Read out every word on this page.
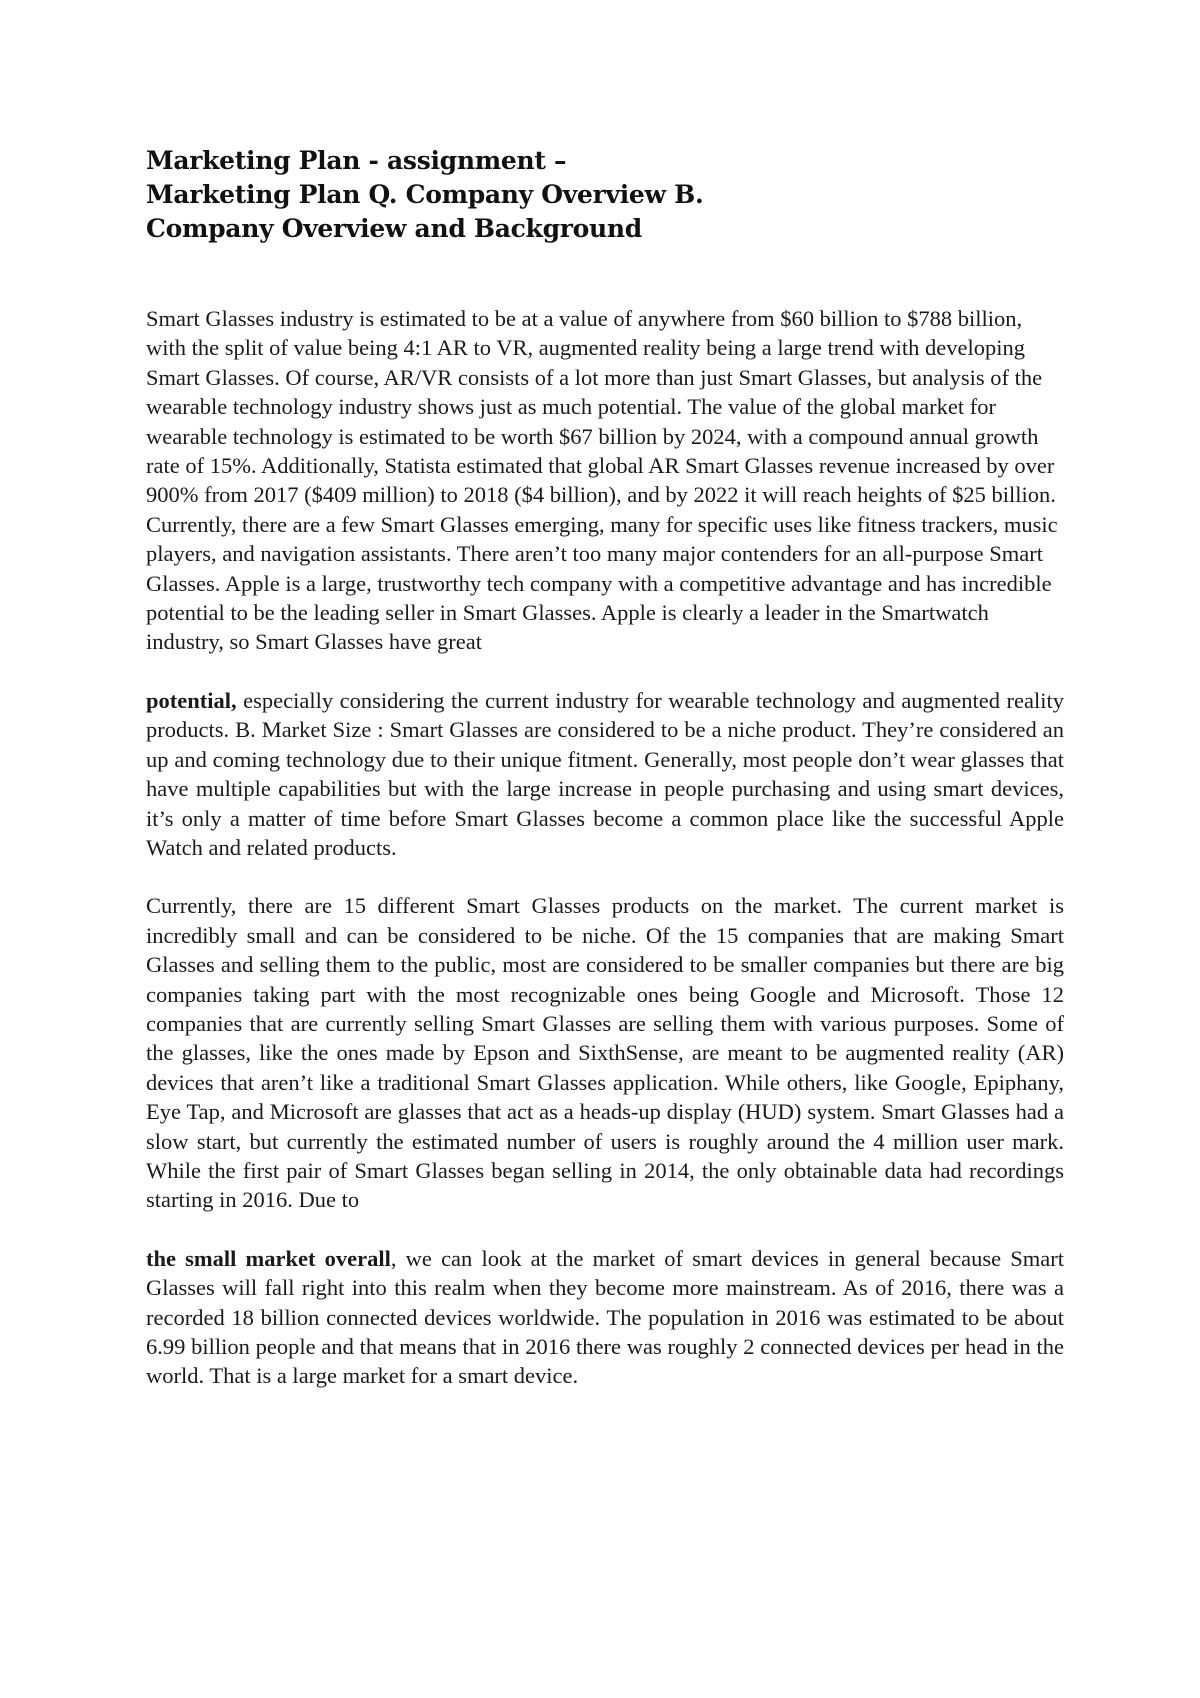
Marketing Plan - assignment –

Marketing Plan Q. Company Overview B.

Company Overview and Background

Smart Glasses industry is estimated to be at a value of anywhere from $60 billion to $788 billion, with the split of value being 4:1 AR to VR, augmented reality being a large trend with developing Smart Glasses. Of course, AR/VR consists of a lot more than just Smart Glasses, but analysis of the wearable technology industry shows just as much potential. The value of the global market for wearable technology is estimated to be worth $67 billion by 2024, with a compound annual growth rate of 15%. Additionally, Statista estimated that global AR Smart Glasses revenue increased by over 900% from 2017 ($409 million) to 2018 ($4 billion), and by 2022 it will reach heights of $25 billion. Currently, there are a few Smart Glasses emerging, many for specific uses like fitness trackers, music players, and navigation assistants. There aren’t too many major contenders for an all-purpose Smart Glasses. Apple is a large, trustworthy tech company with a competitive advantage and has incredible potential to be the leading seller in Smart Glasses. Apple is clearly a leader in the Smartwatch industry, so Smart Glasses have great

potential, especially considering the current industry for wearable technology and augmented reality products. B. Market Size : Smart Glasses are considered to be a niche product. They’re considered an up and coming technology due to their unique fitment. Generally, most people don’t wear glasses that have multiple capabilities but with the large increase in people purchasing and using smart devices, it’s only a matter of time before Smart Glasses become a common place like the successful Apple Watch and related products.

Currently, there are 15 different Smart Glasses products on the market. The current market is incredibly small and can be considered to be niche. Of the 15 companies that are making Smart Glasses and selling them to the public, most are considered to be smaller companies but there are big companies taking part with the most recognizable ones being Google and Microsoft. Those 12 companies that are currently selling Smart Glasses are selling them with various purposes. Some of the glasses, like the ones made by Epson and SixthSense, are meant to be augmented reality (AR) devices that aren’t like a traditional Smart Glasses application. While others, like Google, Epiphany, Eye Tap, and Microsoft are glasses that act as a heads-up display (HUD) system. Smart Glasses had a slow start, but currently the estimated number of users is roughly around the 4 million user mark. While the first pair of Smart Glasses began selling in 2014, the only obtainable data had recordings starting in 2016. Due to

the small market overall, we can look at the market of smart devices in general because Smart Glasses will fall right into this realm when they become more mainstream. As of 2016, there was a recorded 18 billion connected devices worldwide. The population in 2016 was estimated to be about 6.99 billion people and that means that in 2016 there was roughly 2 connected devices per head in the world. That is a large market for a smart device.
